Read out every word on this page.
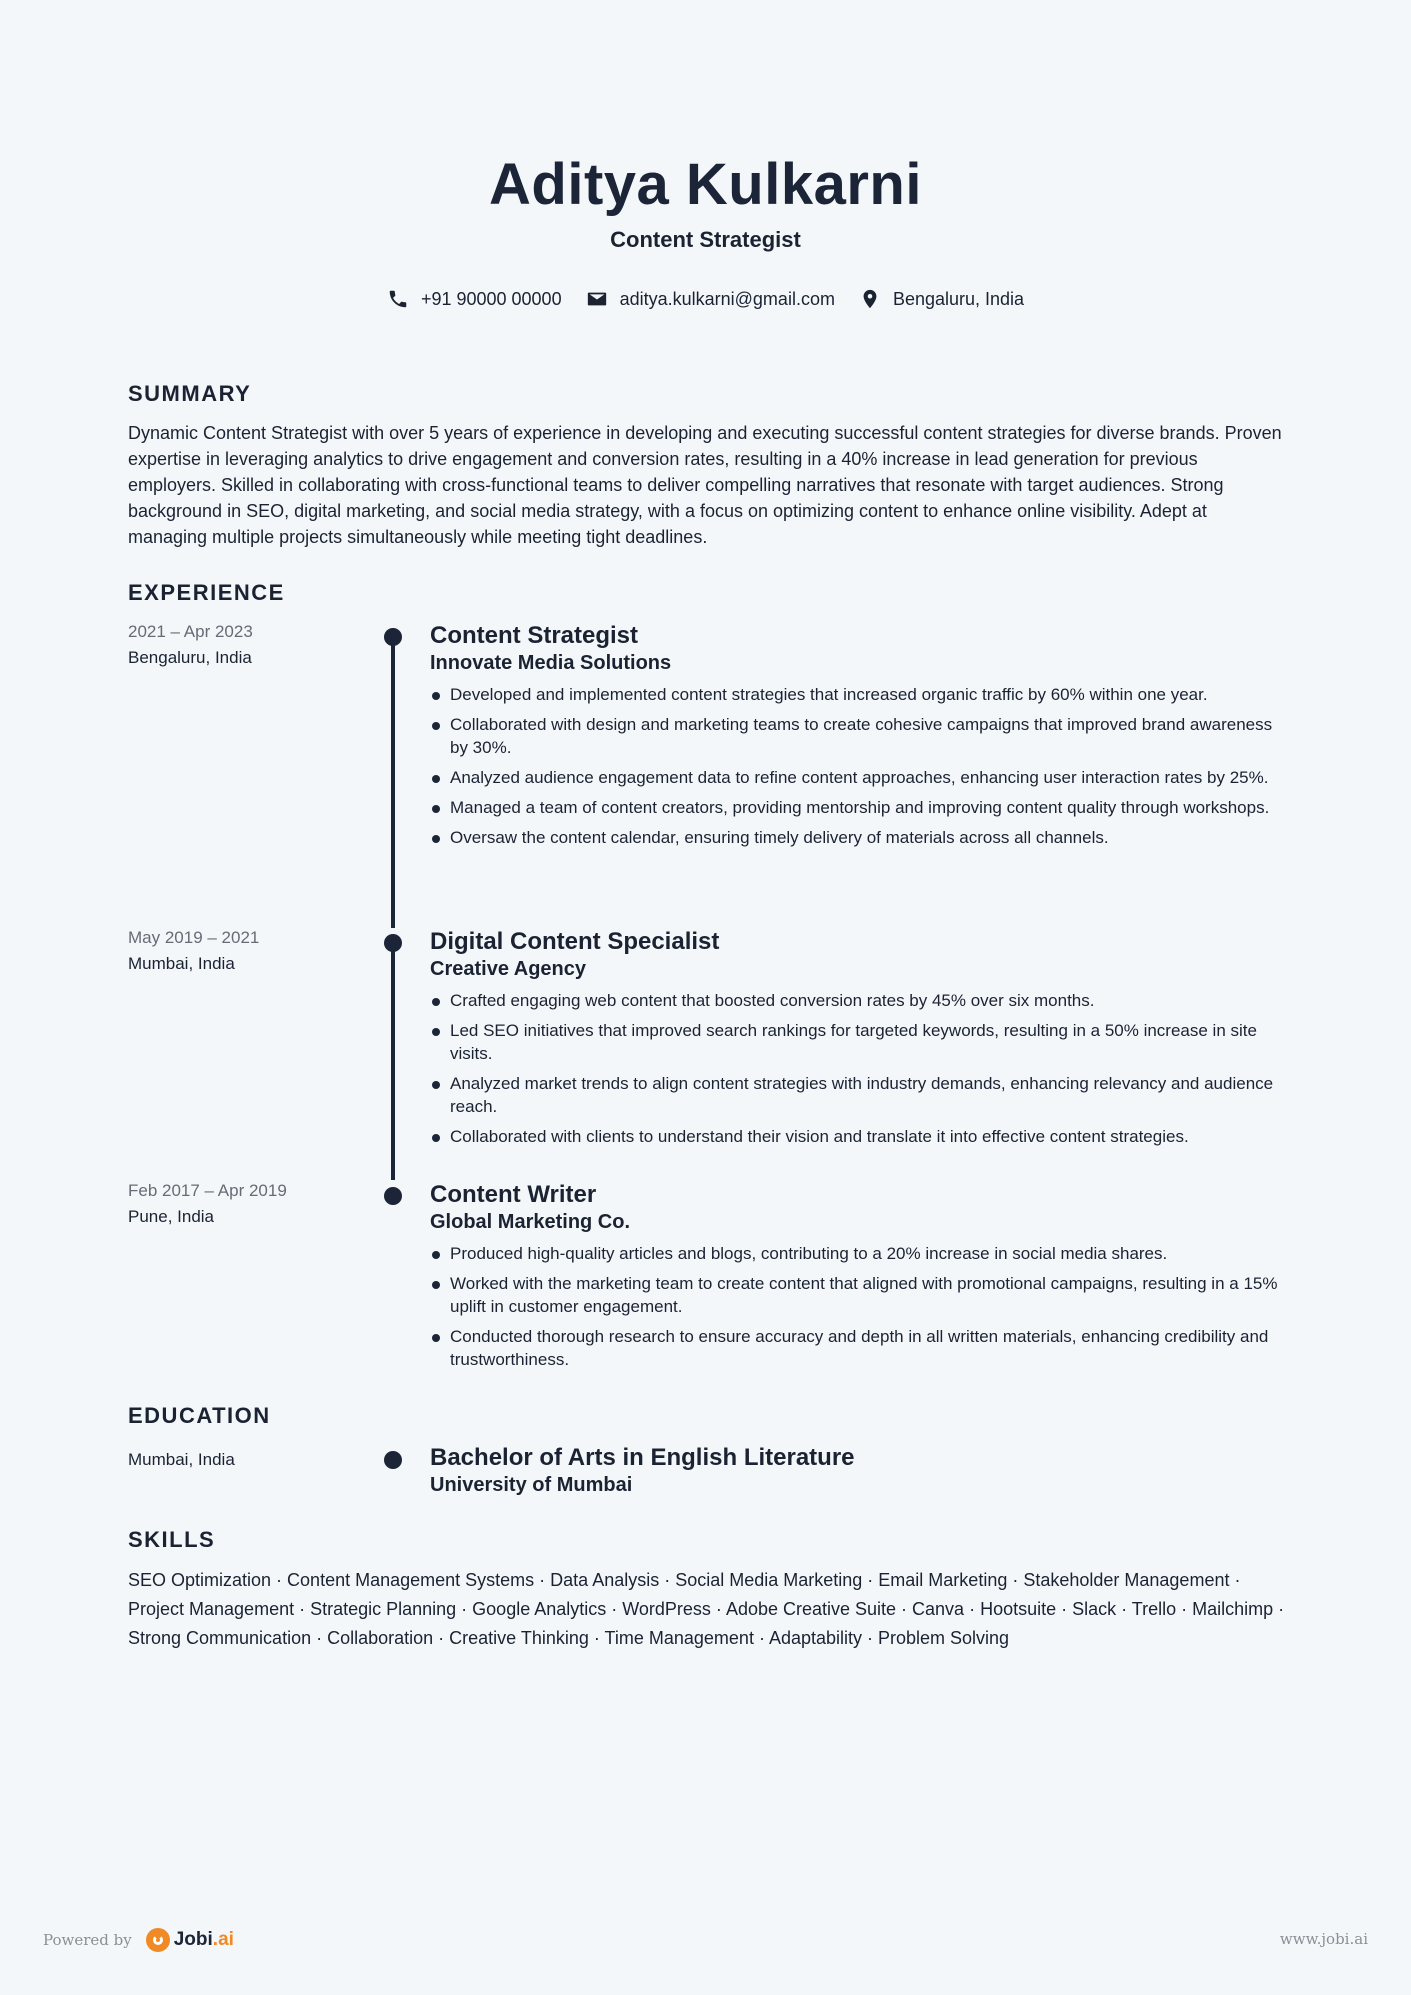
Aditya Kulkarni
Content Strategist
+91 90000 00000	aditya.kulkarni@gmail.com	Bengaluru, India
SUMMARY
Dynamic Content Strategist with over 5 years of experience in developing and executing successful content strategies for diverse brands. Proven expertise in leveraging analytics to drive engagement and conversion rates, resulting in a 40% increase in lead generation for previous employers. Skilled in collaborating with cross-functional teams to deliver compelling narratives that resonate with target audiences. Strong background in SEO, digital marketing, and social media strategy, with a focus on optimizing content to enhance online visibility. Adept at managing multiple projects simultaneously while meeting tight deadlines.
EXPERIENCE
2021 – Apr 2023
Bengaluru, India
Content Strategist
Innovate Media Solutions
Developed and implemented content strategies that increased organic traffic by 60% within one year.
Collaborated with design and marketing teams to create cohesive campaigns that improved brand awareness by 30%.
Analyzed audience engagement data to refine content approaches, enhancing user interaction rates by 25%.
Managed a team of content creators, providing mentorship and improving content quality through workshops.
Oversaw the content calendar, ensuring timely delivery of materials across all channels.
May 2019 – 2021
Mumbai, India
Digital Content Specialist
Creative Agency
Crafted engaging web content that boosted conversion rates by 45% over six months.
Led SEO initiatives that improved search rankings for targeted keywords, resulting in a 50% increase in site visits.
Analyzed market trends to align content strategies with industry demands, enhancing relevancy and audience reach.
Collaborated with clients to understand their vision and translate it into effective content strategies.
Feb 2017 – Apr 2019
Pune, India
Content Writer
Global Marketing Co.
Produced high-quality articles and blogs, contributing to a 20% increase in social media shares.
Worked with the marketing team to create content that aligned with promotional campaigns, resulting in a 15% uplift in customer engagement.
Conducted thorough research to ensure accuracy and depth in all written materials, enhancing credibility and trustworthiness.
EDUCATION
Mumbai, India	Bachelor of Arts in English Literature
University of Mumbai
SKILLS
SEO Optimization · Content Management Systems · Data Analysis · Social Media Marketing · Email Marketing · Stakeholder Management · Project Management · Strategic Planning · Google Analytics · WordPress · Adobe Creative Suite · Canva · Hootsuite · Slack · Trello · Mailchimp · Strong Communication · Collaboration · Creative Thinking · Time Management · Adaptability · Problem Solving
Powered by Jobi.ai	www.jobi.ai
